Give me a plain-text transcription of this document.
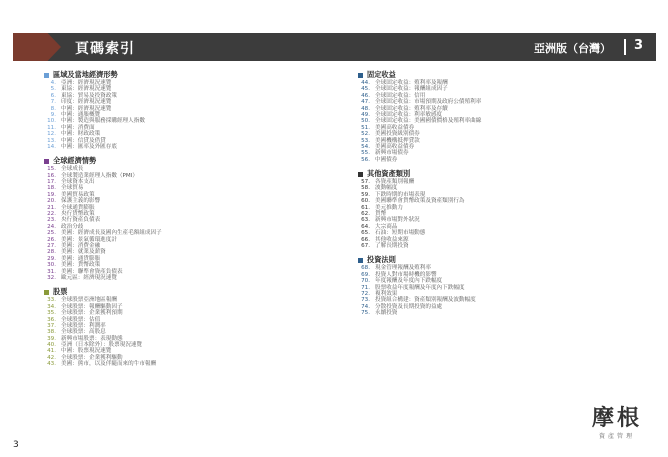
頁碼索引	亞洲版（台灣） 3
區域及當地經濟形勢
4. 亞洲：經濟現況速覽
5. 東協：經濟現況速覽
6. 東協：貿易及投資政策
7. 印度：經濟現況速覽
8. 中國：經濟現況速覽
9. 中國：通脹概覽
10. 中國：製造與服務採購經理人指數
11. 中國：消費面
12. 中國：財政政策
13. 中國：信貸及借貸
14. 中國：匯率及外匯存底
全球經濟情勢
15. 全球成長
16. 全球製造業經理人指數（PMI）
17. 全球資本支出
18. 全球貿易
19. 美國貿易政策
20. 保護主義的影響
21. 全球通貨膨脹
22. 央行貨幣政策
23. 央行資產負債表
24. 政治分歧
25. 美國：經濟成長及國內生產毛額組成因子
26. 美國：景氣循環進度計
27. 美國：消費金融
28. 美國：就業及薪資
29. 美國：通貨膨脹
30. 美國：貨幣政策
31. 美國：聯準會資產負債表
32. 歐元區：經濟現況速覽
股票
33. 全球股票亞洲地區報酬
34. 全球股票：報酬驅動因子
35. 全球股票：企業獲利預期
36. 全球股票：估值
37. 全球股票：利潤率
38. 全球股票：高股息
39. 新興市場股票：表現動態
40. 亞洲（日本除外）：股票現況速覽
41. 中國：股票現況速覽
42. 全球股票：企業獲利驅動
43. 美國：熊市，以及伴隨而來的牛市報酬
固定收益
44. 全球固定收益：殖利率及報酬
45. 全球固定收益：報酬組成因子
46. 全球固定收益：信用
47. 全球固定收益：市場預期及政府公債殖利率
48. 全球固定收益：殖利率及存續
49. 全球固定收益：利率敏感度
50. 全球固定收益：美國國債價格及殖利率曲線
51. 美國高收益債券
52. 美國投資級別債券
53. 美國機構抵押貸款
54. 美國高收益債券
55. 新興市場債券
56. 中國債券
其他資產類別
57. 各資產類別報酬
58. 波動幅度
59. 下跌時期的市場表現
60. 美國聯準會貨幣政策及資產類別行為
61. 美元推動力
62. 貨幣
63. 新興市場對外狀況
64. 大宗商品
65. 石油：短期市場動態
66. 其他收益來源
67. 了解長期投資
投資法則
68. 現金管理報酬及殖利率
69. 投資人對市場時機的影響
70. 年度報酬及年度內下跌幅度
71. 股票收益年度報酬及年度內下跌幅度
72. 複利效果
73. 投資組合構建：資產類別報酬及波動幅度
74. 分散投資及長期投資的益處
75. 永續投資
3
摩根
資產管理
